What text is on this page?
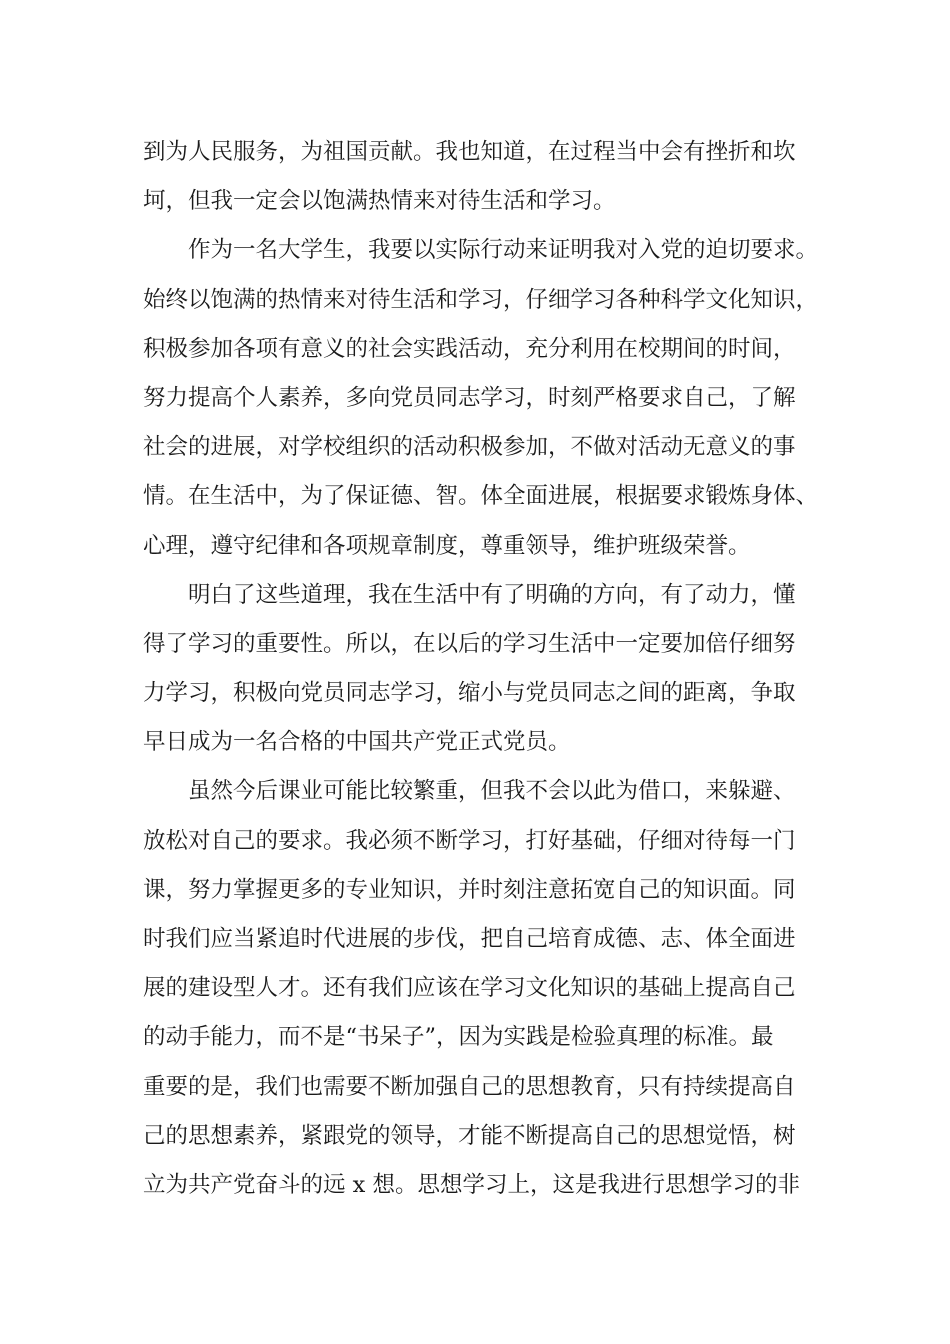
到为人民服务，为祖国贡献。我也知道，在过程当中会有挫折和坎
坷，但我一定会以饱满热情来对待生活和学习。
作为一名大学生，我要以实际行动来证明我对入党的迫切要求。
始终以饱满的热情来对待生活和学习，仔细学习各种科学文化知识，
积极参加各项有意义的社会实践活动，充分利用在校期间的时间，
努力提高个人素养，多向党员同志学习，时刻严格要求自己，了解
社会的进展，对学校组织的活动积极参加，不做对活动无意义的事
情。在生活中，为了保证德、智。体全面进展，根据要求锻炼身体、
心理，遵守纪律和各项规章制度，尊重领导，维护班级荣誉。
明白了这些道理，我在生活中有了明确的方向，有了动力，懂
得了学习的重要性。所以，在以后的学习生活中一定要加倍仔细努
力学习，积极向党员同志学习，缩小与党员同志之间的距离，争取
早日成为一名合格的中国共产党正式党员。
虽然今后课业可能比较繁重，但我不会以此为借口，来躲避、
放松对自己的要求。我必须不断学习，打好基础，仔细对待每一门
课，努力掌握更多的专业知识，并时刻注意拓宽自己的知识面。同
时我们应当紧追时代进展的步伐，把自己培育成德、志、体全面进
展的建设型人才。还有我们应该在学习文化知识的基础上提高自己
的动手能力，而不是“书呆子”，因为实践是检验真理的标准。最
重要的是，我们也需要不断加强自己的思想教育，只有持续提高自
己的思想素养，紧跟党的领导，才能不断提高自己的思想觉悟，树
立为共产党奋斗的远 x 想。思想学习上，这是我进行思想学习的非
